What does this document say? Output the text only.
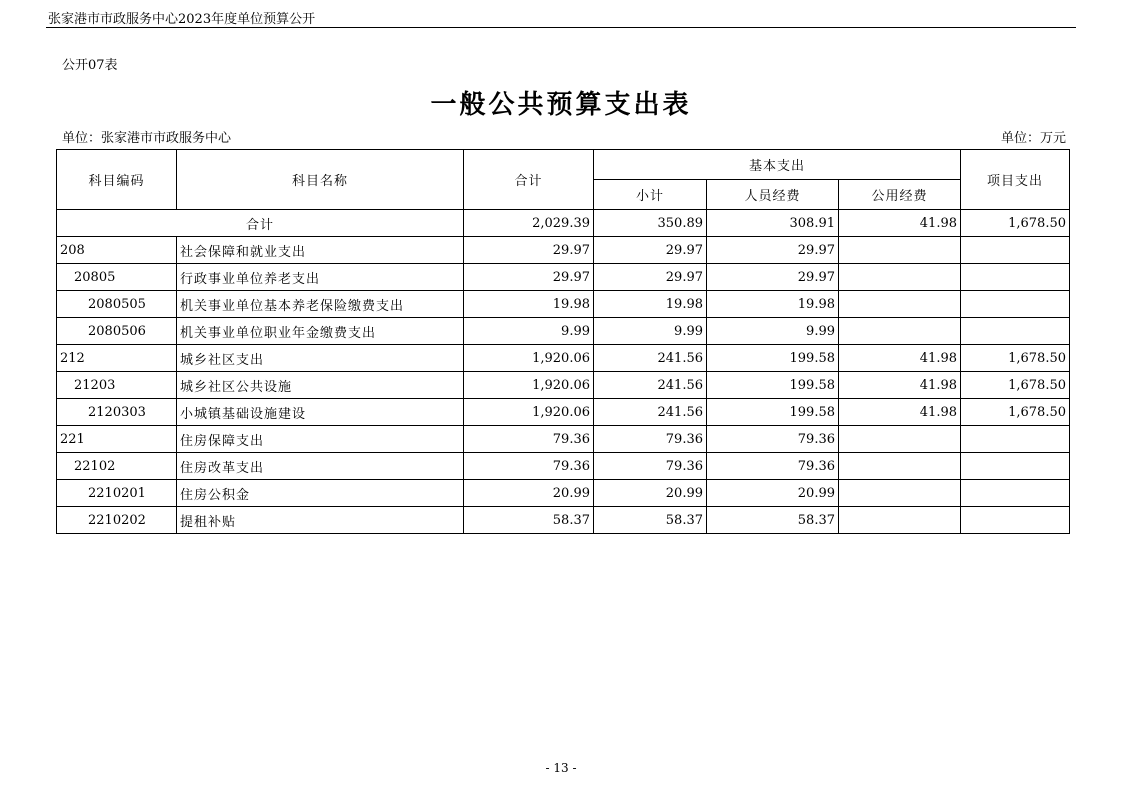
张家港市市政服务中心2023年度单位预算公开
公开07表
一般公共预算支出表
单位：张家港市市政服务中心	单位：万元
科目编码	科目名称	合计	基本支出			项目支出
			小计	人员经费	公用经费	
合计		2,029.39	350.89	308.91	41.98	1,678.50
208	社会保障和就业支出	29.97	29.97	29.97		
20805	行政事业单位养老支出	29.97	29.97	29.97		
2080505	机关事业单位基本养老保险缴费支出	19.98	19.98	19.98		
2080506	机关事业单位职业年金缴费支出	9.99	9.99	9.99		
212	城乡社区支出	1,920.06	241.56	199.58	41.98	1,678.50
21203	城乡社区公共设施	1,920.06	241.56	199.58	41.98	1,678.50
2120303	小城镇基础设施建设	1,920.06	241.56	199.58	41.98	1,678.50
221	住房保障支出	79.36	79.36	79.36		
22102	住房改革支出	79.36	79.36	79.36		
2210201	住房公积金	20.99	20.99	20.99		
2210202	提租补贴	58.37	58.37	58.37		
- 13 -
